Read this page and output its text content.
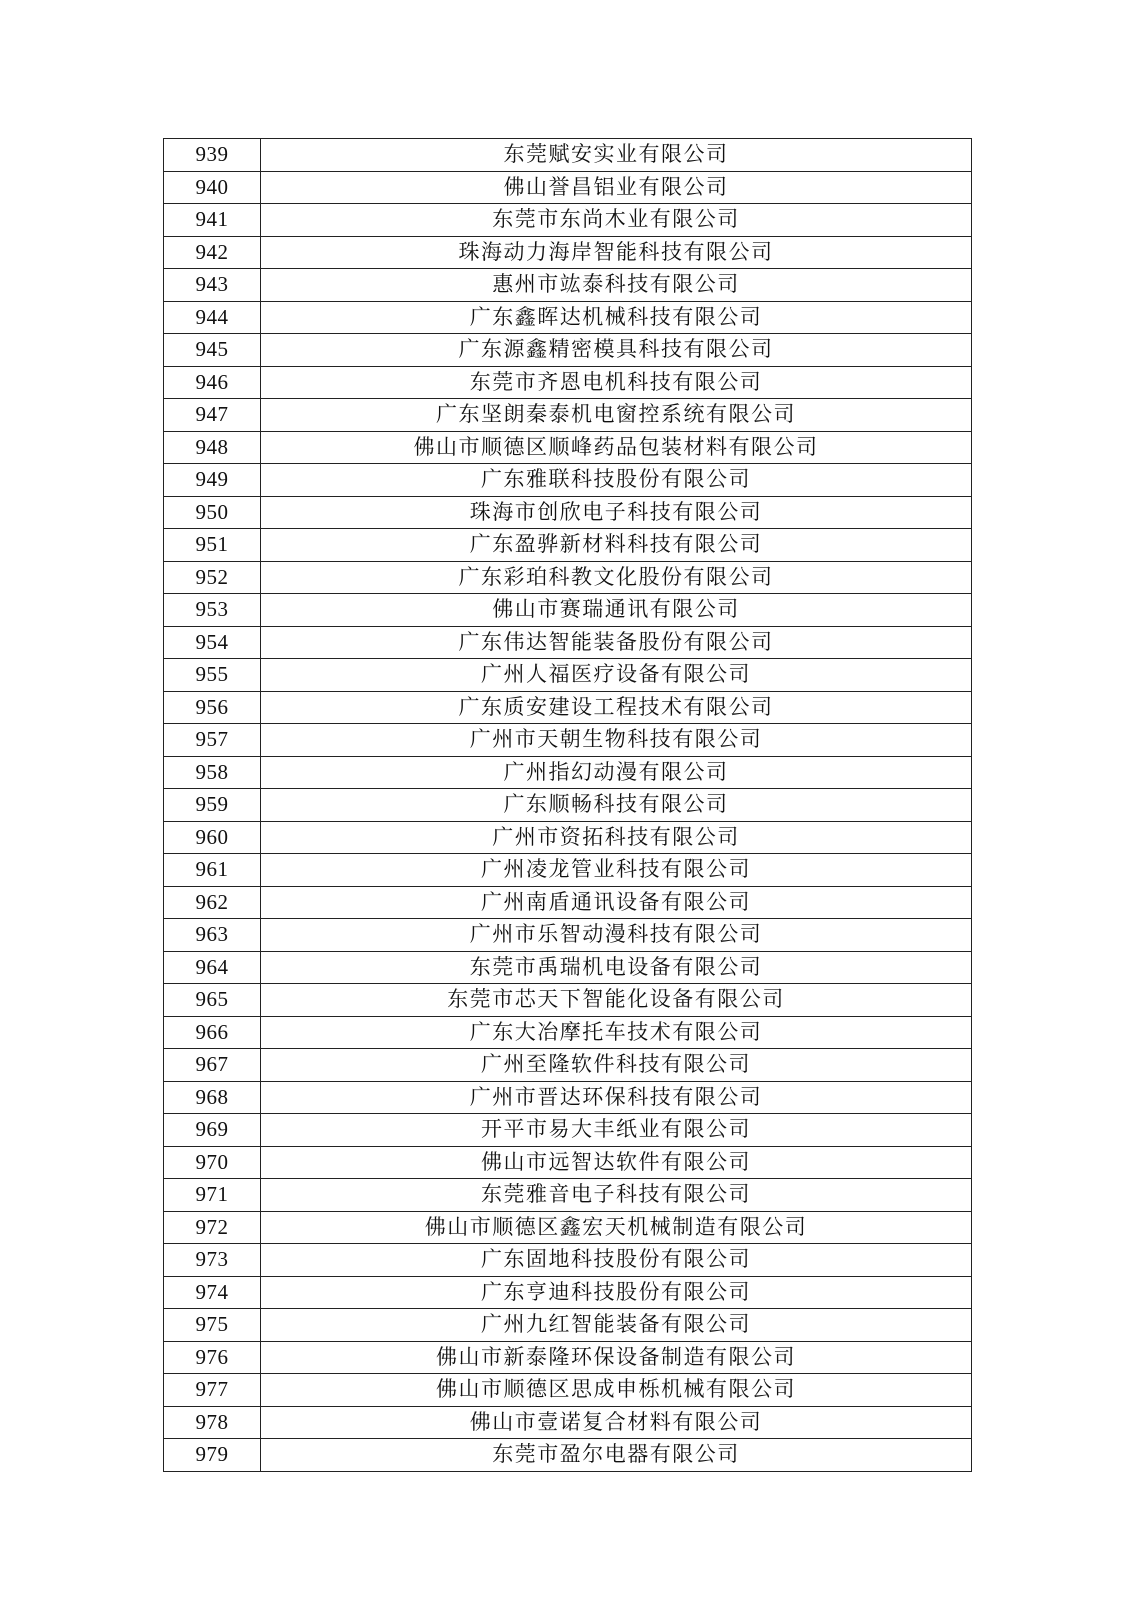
939	东莞赋安实业有限公司
940	佛山誉昌铝业有限公司
941	东莞市东尚木业有限公司
942	珠海动力海岸智能科技有限公司
943	惠州市竑泰科技有限公司
944	广东鑫晖达机械科技有限公司
945	广东源鑫精密模具科技有限公司
946	东莞市齐恩电机科技有限公司
947	广东坚朗秦泰机电窗控系统有限公司
948	佛山市顺德区顺峰药品包装材料有限公司
949	广东雅联科技股份有限公司
950	珠海市创欣电子科技有限公司
951	广东盈骅新材料科技有限公司
952	广东彩珀科教文化股份有限公司
953	佛山市赛瑞通讯有限公司
954	广东伟达智能装备股份有限公司
955	广州人福医疗设备有限公司
956	广东质安建设工程技术有限公司
957	广州市天朝生物科技有限公司
958	广州指幻动漫有限公司
959	广东顺畅科技有限公司
960	广州市资拓科技有限公司
961	广州凌龙管业科技有限公司
962	广州南盾通讯设备有限公司
963	广州市乐智动漫科技有限公司
964	东莞市禹瑞机电设备有限公司
965	东莞市芯天下智能化设备有限公司
966	广东大冶摩托车技术有限公司
967	广州至隆软件科技有限公司
968	广州市晋达环保科技有限公司
969	开平市易大丰纸业有限公司
970	佛山市远智达软件有限公司
971	东莞雅音电子科技有限公司
972	佛山市顺德区鑫宏天机械制造有限公司
973	广东固地科技股份有限公司
974	广东亨迪科技股份有限公司
975	广州九红智能装备有限公司
976	佛山市新泰隆环保设备制造有限公司
977	佛山市顺德区思成申栎机械有限公司
978	佛山市壹诺复合材料有限公司
979	东莞市盈尔电器有限公司
